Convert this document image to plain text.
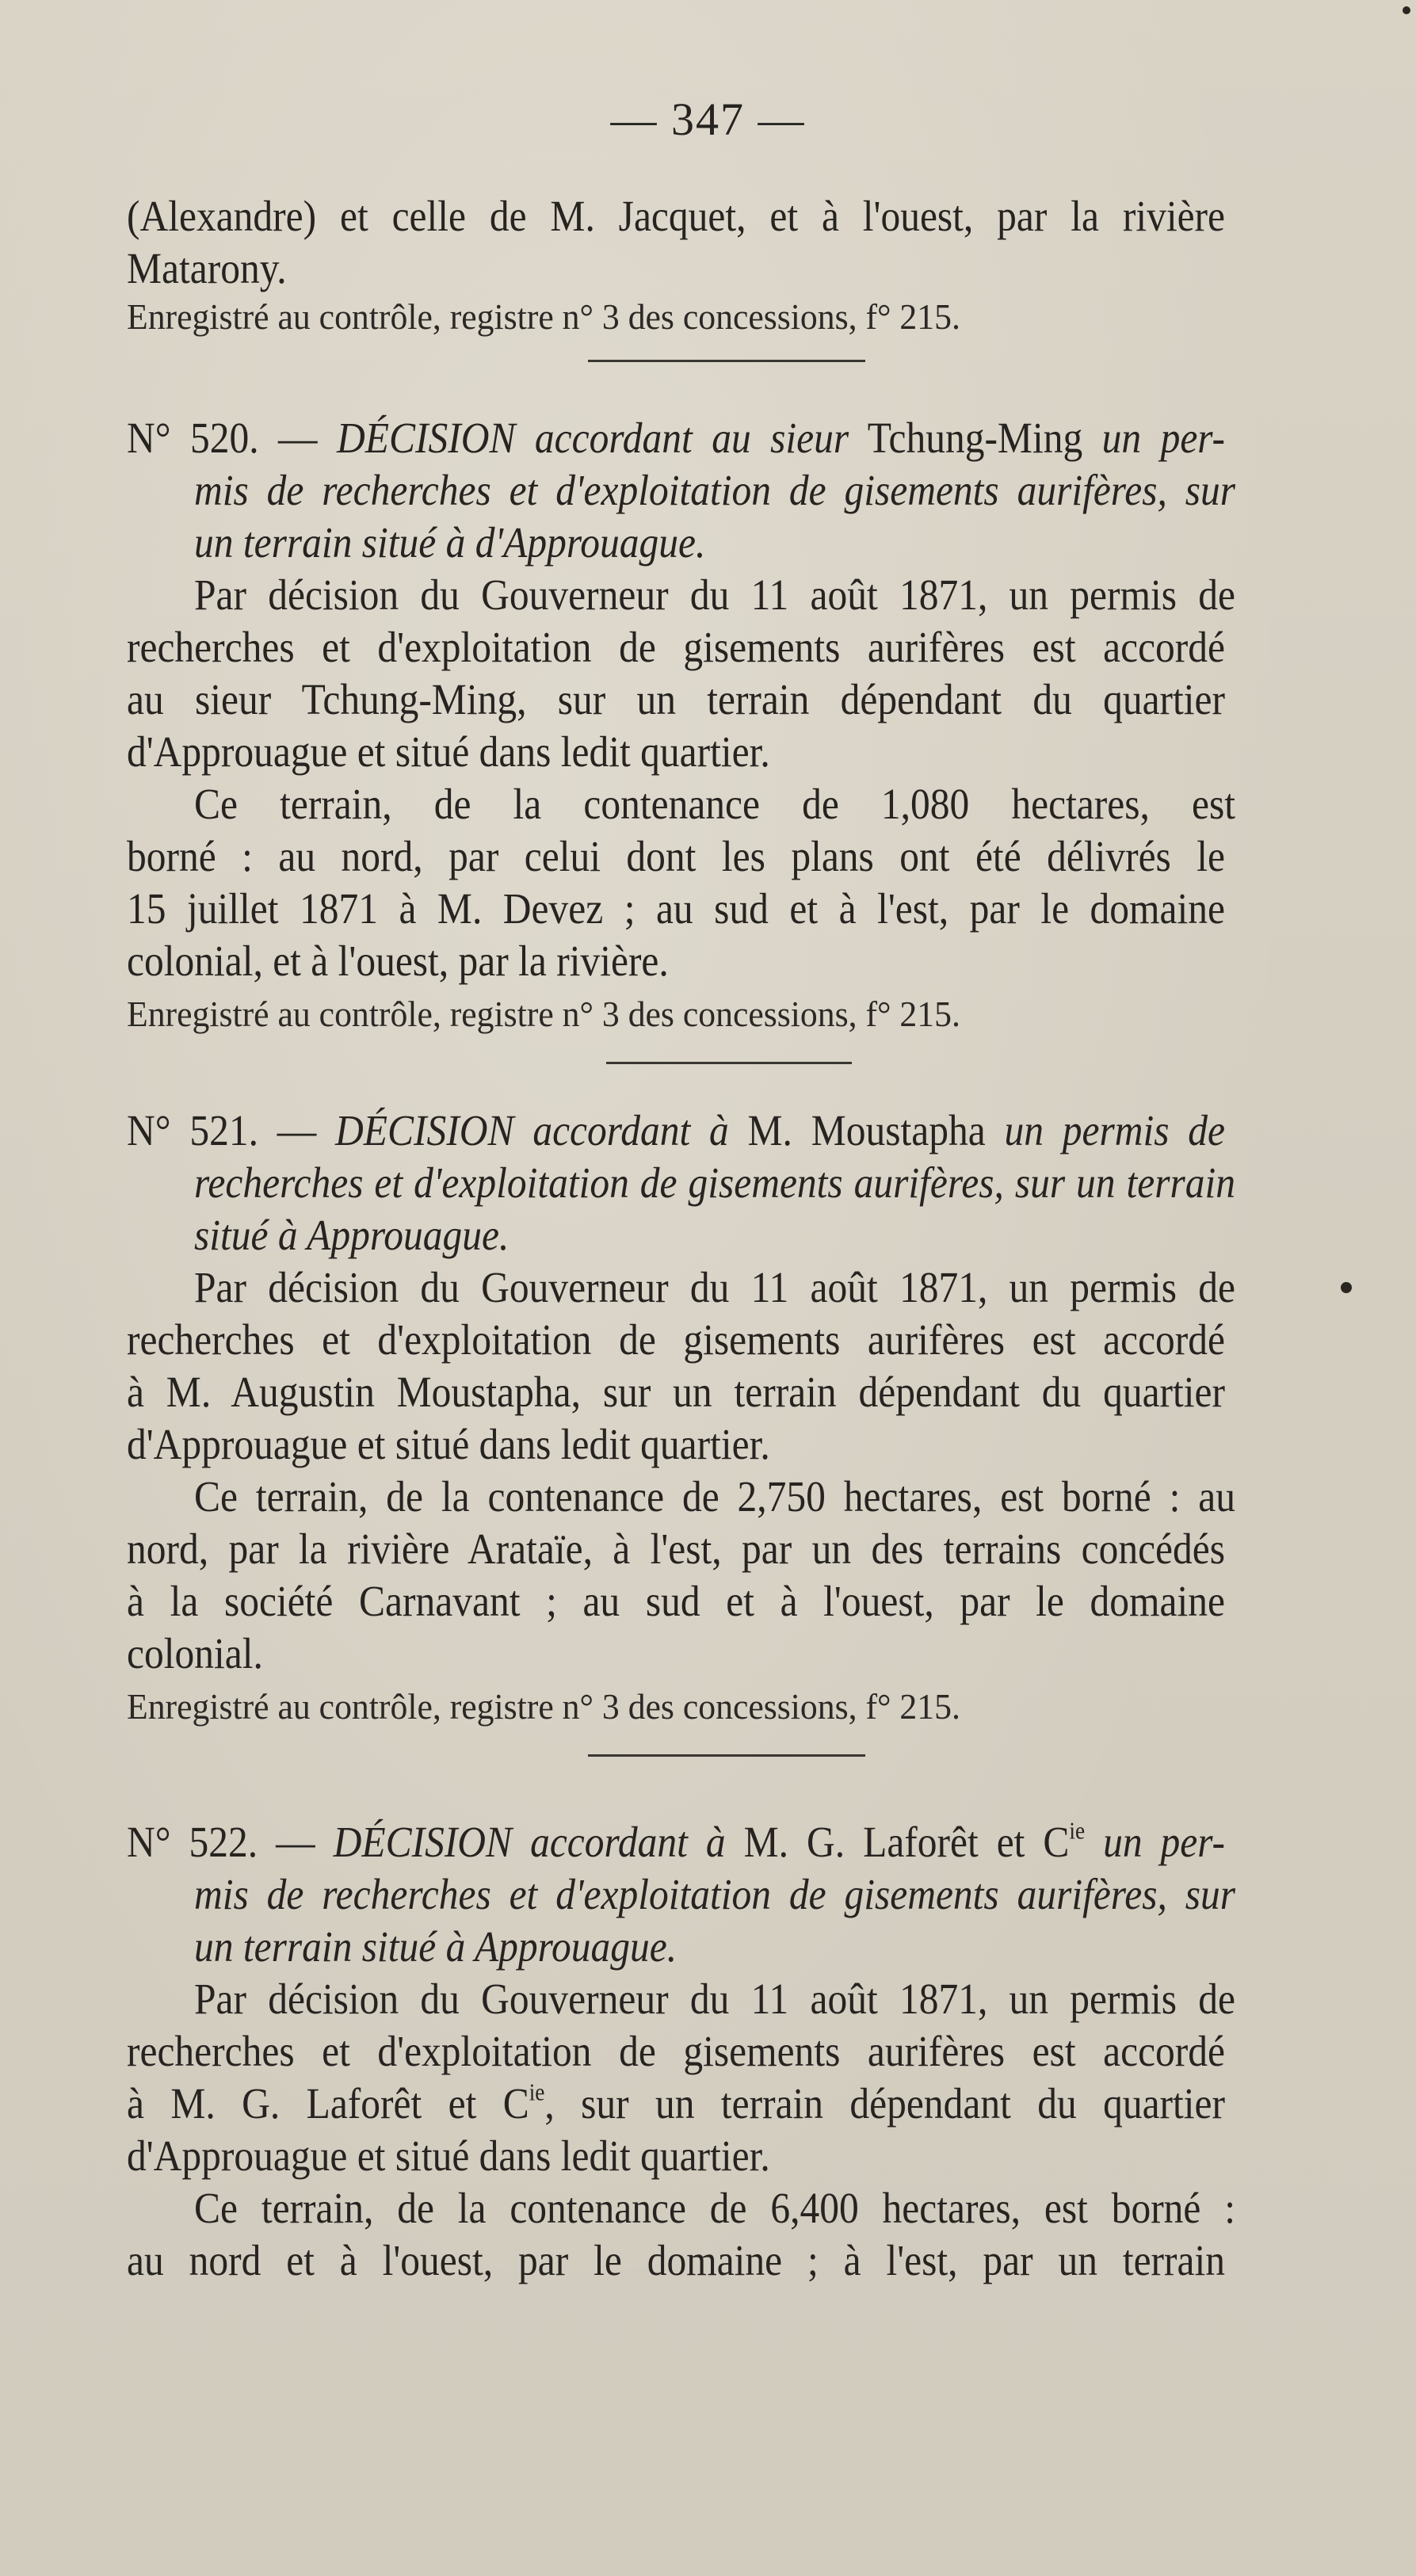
— 347 —
(Alexandre) et celle de M. Jacquet, et à l'ouest, par la rivière
Matarony.
Enregistré au contrôle, registre n° 3 des concessions, f° 215.
N° 520. — DÉCISION accordant au sieur Tchung-Ming un per-
mis de recherches et d'exploitation de gisements aurifères, sur
un terrain situé à d'Approuague.
Par décision du Gouverneur du 11 août 1871, un permis de
recherches et d'exploitation de gisements aurifères est accordé
au sieur Tchung-Ming, sur un terrain dépendant du quartier
d'Approuague et situé dans ledit quartier.
Ce terrain, de la contenance de 1,080 hectares, est
borné : au nord, par celui dont les plans ont été délivrés le
15 juillet 1871 à M. Devez ; au sud et à l'est, par le domaine
colonial, et à l'ouest, par la rivière.
Enregistré au contrôle, registre n° 3 des concessions, f° 215.
N° 521. — DÉCISION accordant à M. Moustapha un permis de
recherches et d'exploitation de gisements aurifères, sur un terrain
situé à Approuague.
Par décision du Gouverneur du 11 août 1871, un permis de
recherches et d'exploitation de gisements aurifères est accordé
à M. Augustin Moustapha, sur un terrain dépendant du quartier
d'Approuague et situé dans ledit quartier.
Ce terrain, de la contenance de 2,750 hectares, est borné : au
nord, par la rivière Arataïe, à l'est, par un des terrains concédés
à la société Carnavant ; au sud et à l'ouest, par le domaine
colonial.
Enregistré au contrôle, registre n° 3 des concessions, f° 215.
N° 522. — DÉCISION accordant à M. G. Laforêt et $C^{ie}$ un per-
mis de recherches et d'exploitation de gisements aurifères, sur
un terrain situé à Approuague.
Par décision du Gouverneur du 11 août 1871, un permis de
recherches et d'exploitation de gisements aurifères est accordé
à M. G. Laforêt et $C^{ie}$, sur un terrain dépendant du quartier
d'Approuague et situé dans ledit quartier.
Ce terrain, de la contenance de 6,400 hectares, est borné :
au nord et à l'ouest, par le domaine ; à l'est, par un terrain
